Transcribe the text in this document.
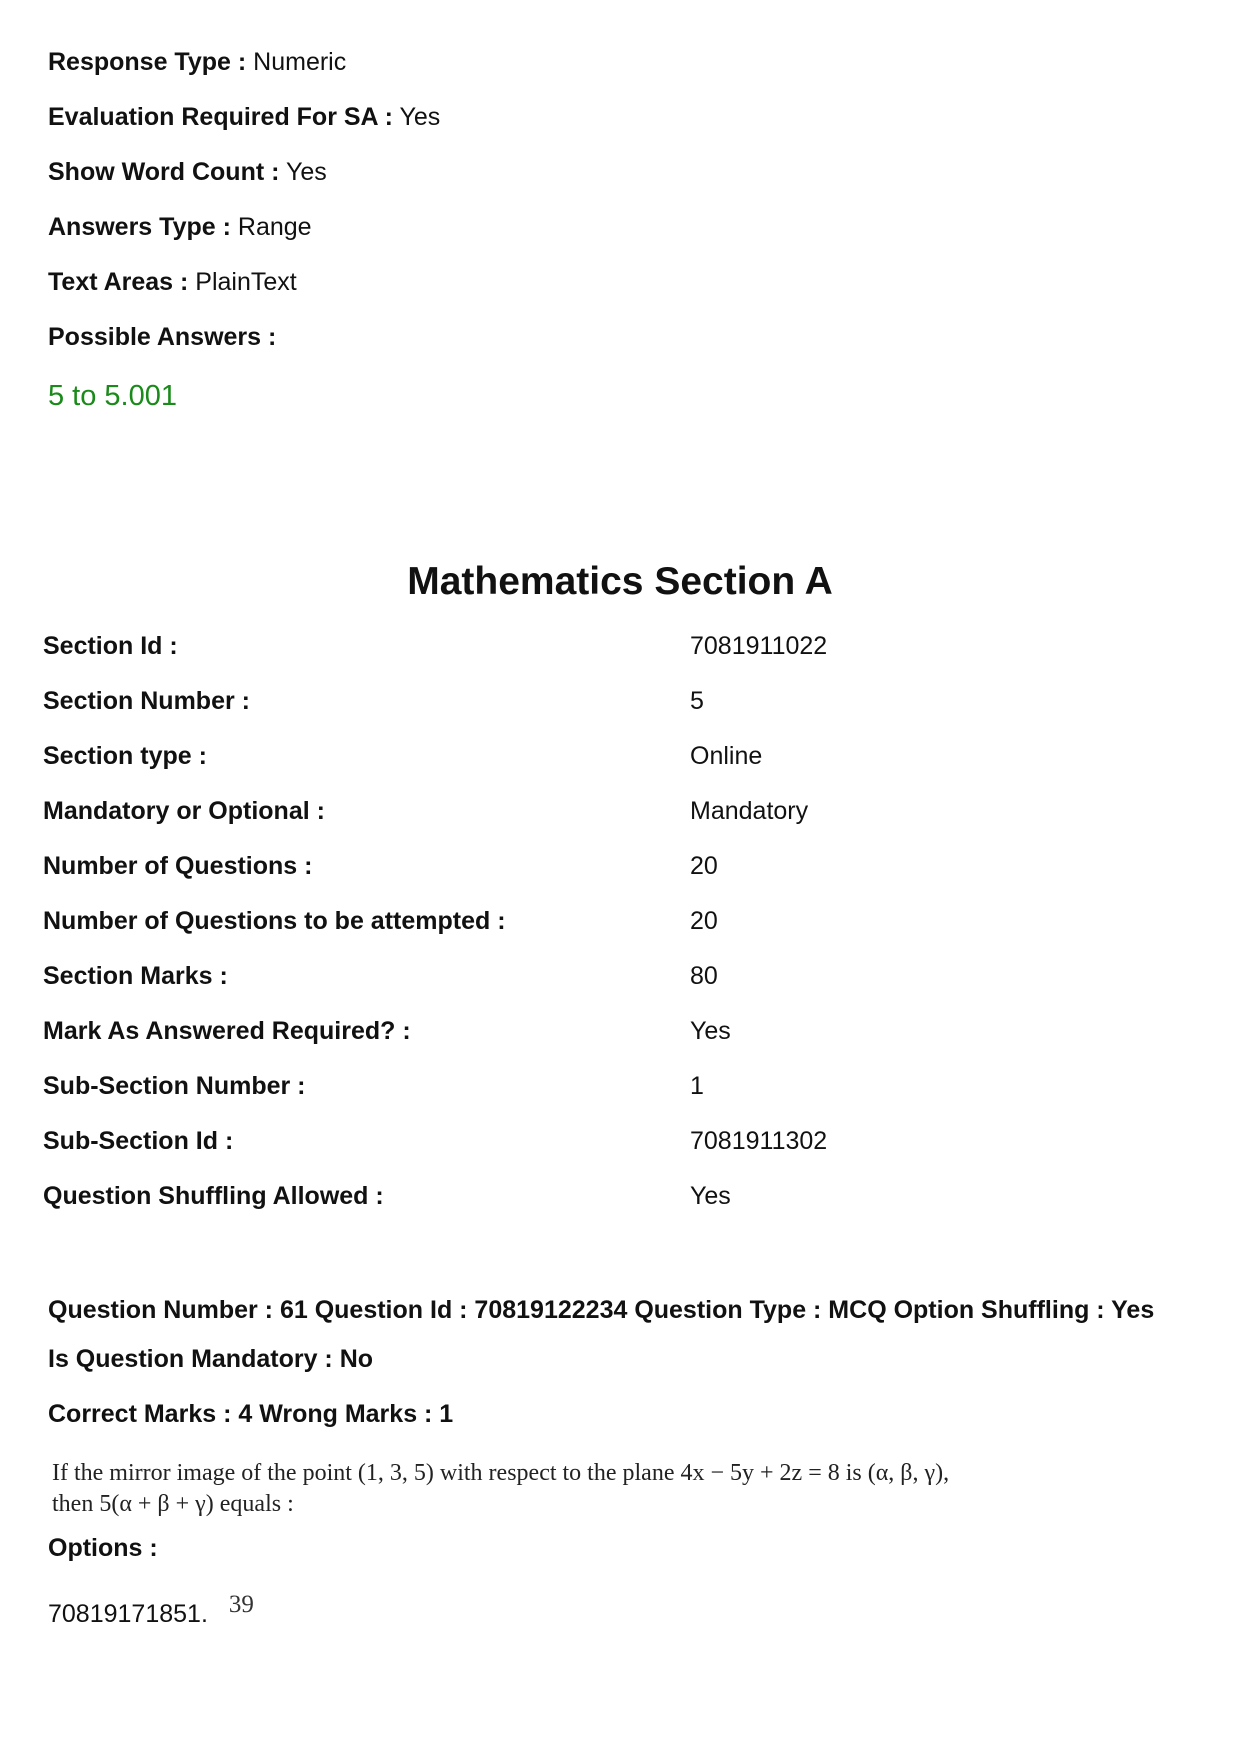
Response Type : Numeric
Evaluation Required For SA : Yes
Show Word Count : Yes
Answers Type : Range
Text Areas : PlainText
Possible Answers :
5 to 5.001
Mathematics Section A
Section Id :	7081911022
Section Number :	5
Section type :	Online
Mandatory or Optional :	Mandatory
Number of Questions :	20
Number of Questions to be attempted :	20
Section Marks :	80
Mark As Answered Required? :	Yes
Sub-Section Number :	1
Sub-Section Id :	7081911302
Question Shuffling Allowed :	Yes
Question Number : 61 Question Id : 70819122234 Question Type : MCQ Option Shuffling : Yes
Is Question Mandatory : No
Correct Marks : 4 Wrong Marks : 1
If the mirror image of the point (1, 3, 5) with respect to the plane 4x − 5y + 2z = 8 is (α, β, γ),
then 5(α + β + γ) equals :
Options :
70819171851. 39
